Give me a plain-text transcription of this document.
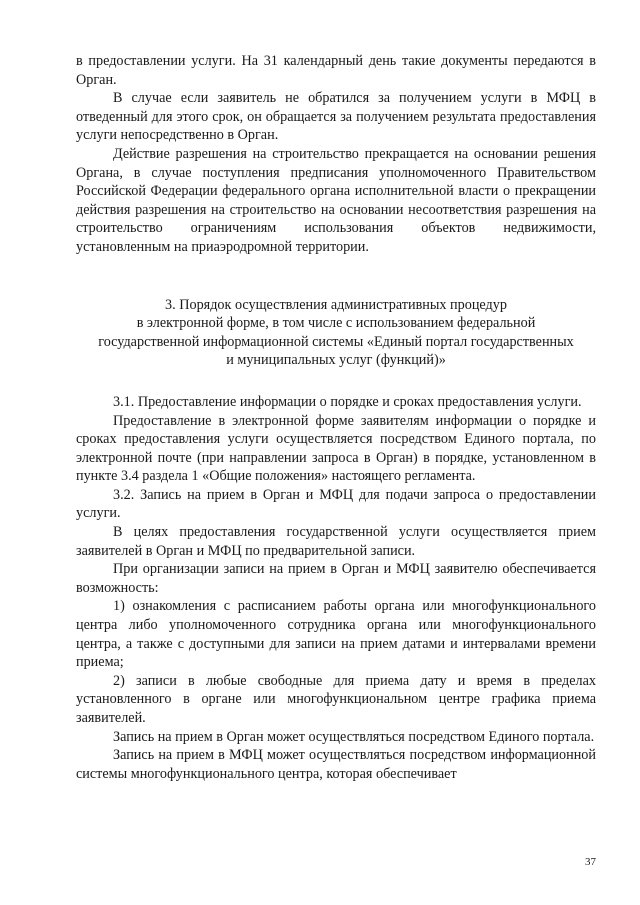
в предоставлении услуги. На 31 календарный день такие документы передаются в Орган.

В случае если заявитель не обратился за получением услуги в МФЦ в отведенный для этого срок, он обращается за получением результата предоставления услуги непосредственно в Орган.

Действие разрешения на строительство прекращается на основании решения Органа, в случае поступления предписания уполномоченного Правительством Российской Федерации федерального органа исполнительной власти о прекращении действия разрешения на строительство на основании несоответствия разрешения на строительство ограничениям использования объектов недвижимости, установленным на приаэродромной территории.

3. Порядок осуществления административных процедур
в электронной форме, в том числе с использованием федеральной
государственной информационной системы «Единый портал государственных
и муниципальных услуг (функций)»

3.1. Предоставление информации о порядке и сроках предоставления услуги.

Предоставление в электронной форме заявителям информации о порядке и сроках предоставления услуги осуществляется посредством Единого портала, по электронной почте (при направлении запроса в Орган) в порядке, установленном в пункте 3.4 раздела 1 «Общие положения» настоящего регламента.

3.2. Запись на прием в Орган и МФЦ для подачи запроса о предоставлении услуги.

В целях предоставления государственной услуги осуществляется прием заявителей в Орган и МФЦ по предварительной записи.

При организации записи на прием в Орган и МФЦ заявителю обеспечивается возможность:

1) ознакомления с расписанием работы органа или многофункционального центра либо уполномоченного сотрудника органа или многофункционального центра, а также с доступными для записи на прием датами и интервалами времени приема;

2) записи в любые свободные для приема дату и время в пределах установленного в органе или многофункциональном центре графика приема заявителей.

Запись на прием в Орган может осуществляться посредством Единого портала.

Запись на прием в МФЦ может осуществляться посредством информационной системы многофункционального центра, которая обеспечивает

37
